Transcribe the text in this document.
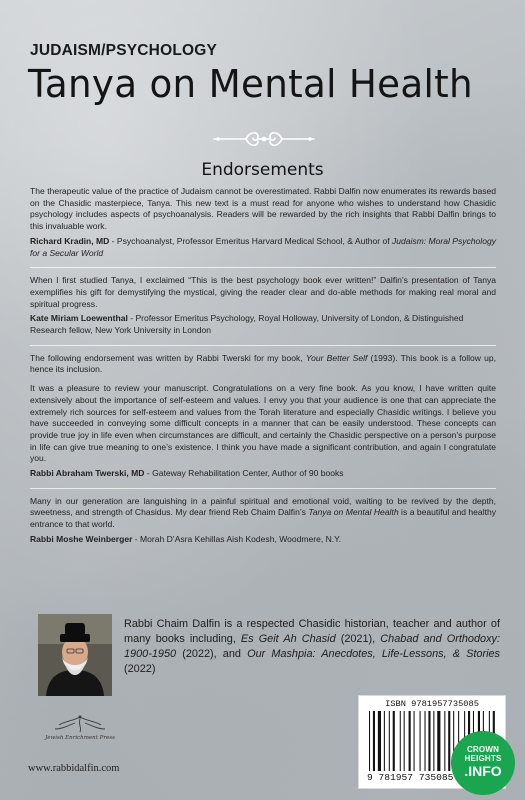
JUDAISM/PSYCHOLOGY
Tanya on Mental Health
Endorsements

The therapeutic value of the practice of Judaism cannot be overestimated. Rabbi Dalfin now enumerates its rewards based on the Chasidic masterpiece, Tanya. This new text is a must read for anyone who wishes to understand how Chasidic psychology includes aspects of psychoanalysis. Readers will be rewarded by the rich insights that Rabbi Dalfin brings to this invaluable work.

Richard Kradin, MD - Psychoanalyst, Professor Emeritus Harvard Medical School, & Author of Judaism: Moral Psychology for a Secular World

When I first studied Tanya, I exclaimed “This is the best psychology book ever written!” Dalfin’s presentation of Tanya exemplifies his gift for demystifying the mystical, giving the reader clear and do-able methods for making real moral and spiritual progress.

Kate Miriam Loewenthal - Professor Emeritus Psychology, Royal Holloway, University of London, & Distinguished Research fellow, New York University in London

The following endorsement was written by Rabbi Twerski for my book, Your Better Self (1993). This book is a follow up, hence its inclusion.

It was a pleasure to review your manuscript. Congratulations on a very fine book. As you know, I have written quite extensively about the importance of self-esteem and values. I envy you that your audience is one that can appreciate the extremely rich sources for self-esteem and values from the Torah literature and especially Chasidic writings. I believe you have succeeded in conveying some difficult concepts in a manner that can be easily understood. These concepts can provide true joy in life even when circumstances are difficult, and certainly the Chasidic perspective on a person’s purpose in life can give true meaning to one’s existence. I think you have made a significant contribution, and again I congratulate you.

Rabbi Abraham Twerski, MD - Gateway Rehabilitation Center, Author of 90 books

Many in our generation are languishing in a painful spiritual and emotional void, waiting to be revived by the depth, sweetness, and strength of Chasidus. My dear friend Reb Chaim Dalfin’s Tanya on Mental Health is a beautiful and healthy entrance to that world.

Rabbi Moshe Weinberger - Morah D’Asra Kehillas Aish Kodesh, Woodmere, N.Y.

Rabbi Chaim Dalfin is a respected Chasidic historian, teacher and author of many books including, Es Geit Ah Chasid (2021), Chabad and Orthodoxy: 1900-1950 (2022), and Our Mashpia: Anecdotes, Life-Lessons, & Stories (2022)

Jewish Enrichment Press
www.rabbidalfin.com
ISBN 9781957735085
9 781957 735085
CROWN
HEIGHTS
.INFO
